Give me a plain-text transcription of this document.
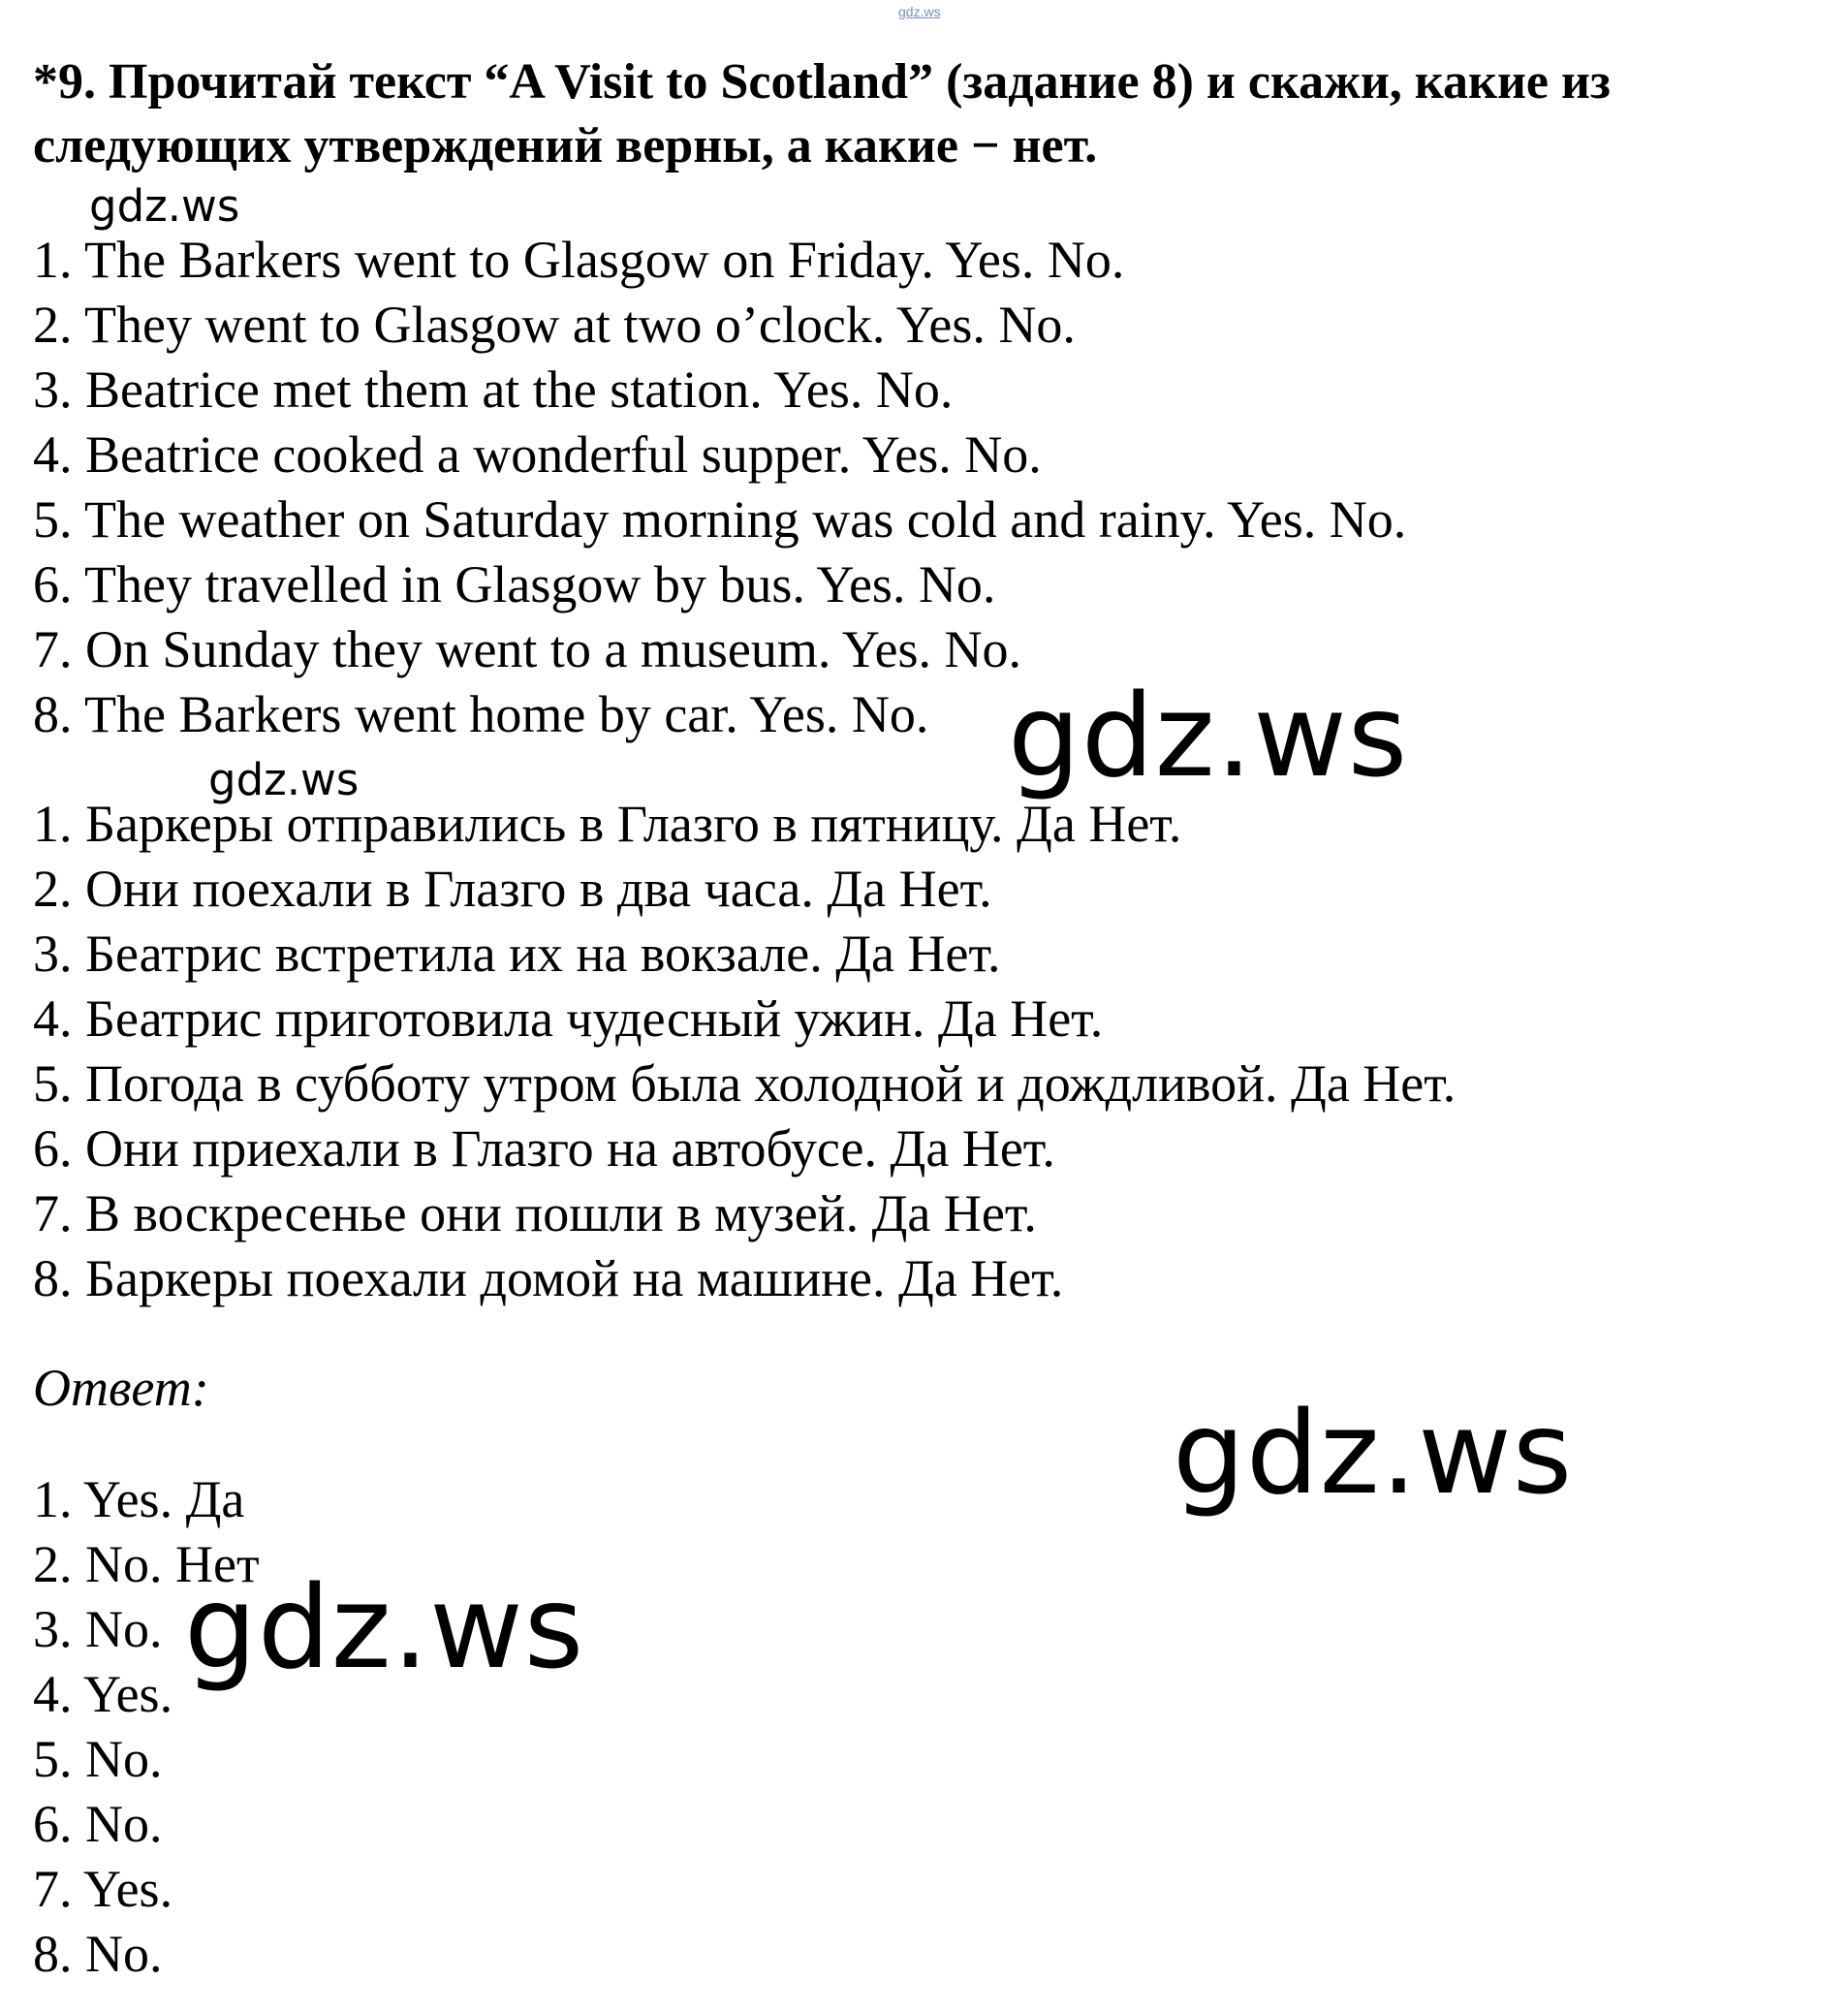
gdz.ws
*9. Прочитай текст “A Visit to Scotland” (задание 8) и скажи, какие из следующих утверждений верны, а какие − нет.
gdz.ws
1. The Barkers went to Glasgow on Friday. Yes. No.
2. They went to Glasgow at two o’clock. Yes. No.
3. Beatrice met them at the station. Yes. No.
4. Beatrice cooked a wonderful supper. Yes. No.
5. The weather on Saturday morning was cold and rainy. Yes. No.
6. They travelled in Glasgow by bus. Yes. No.
7. On Sunday they went to a museum. Yes. No.
8. The Barkers went home by car. Yes. No. gdz.ws
gdz.ws
1. Баркеры отправились в Глазго в пятницу. Да Нет.
2. Они поехали в Глазго в два часа. Да Нет.
3. Беатрис встретила их на вокзале. Да Нет.
4. Беатрис приготовила чудесный ужин. Да Нет.
5. Погода в субботу утром была холодной и дождливой. Да Нет.
6. Они приехали в Глазго на автобусе. Да Нет.
7. В воскресенье они пошли в музей. Да Нет.
8. Баркеры поехали домой на машине. Да Нет.
Ответ:	gdz.ws
1. Yes. Да
2. No. Нет
3. No.
4. Yes.
5. No.
6. No.
7. Yes.
8. No.
gdz.ws
